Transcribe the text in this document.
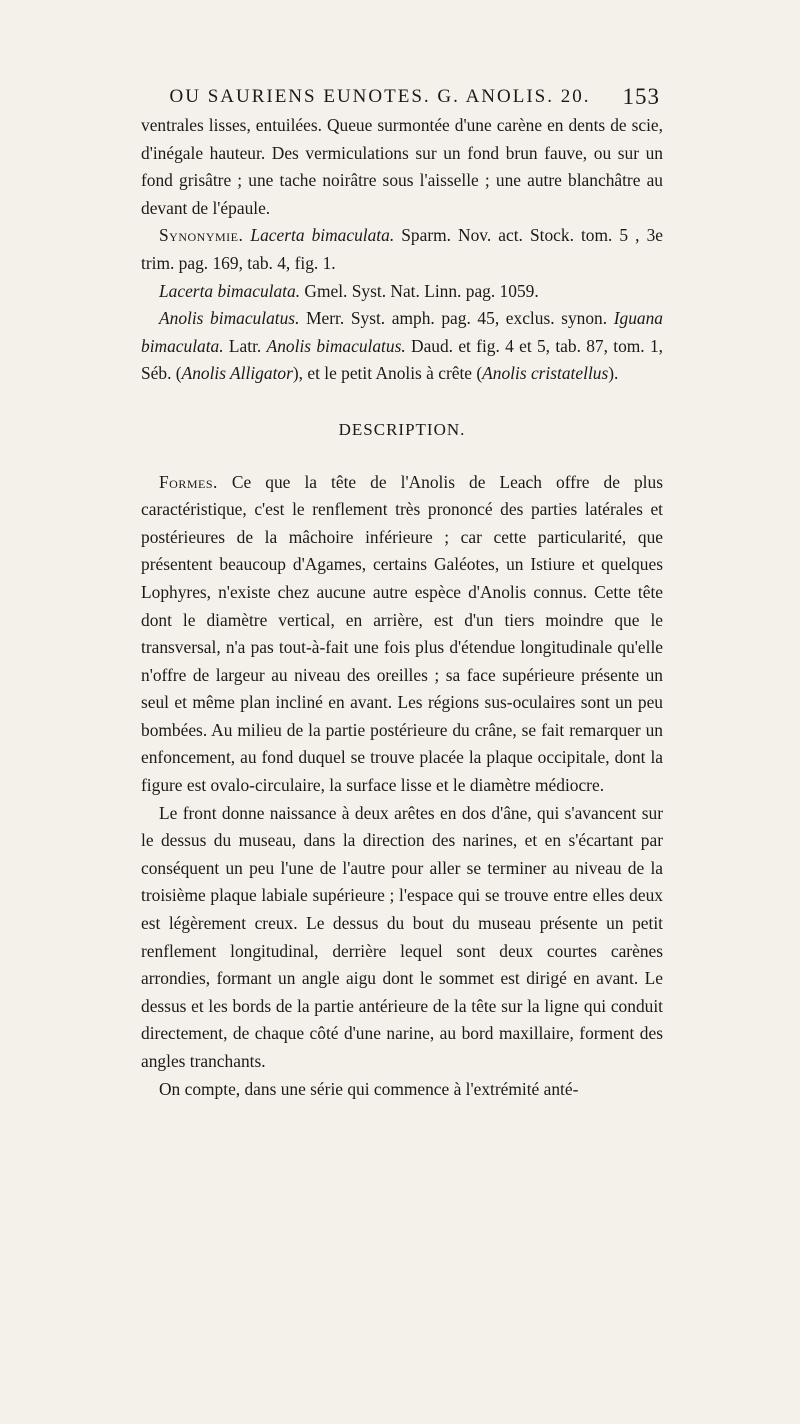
OU SAURIENS EUNOTES. G. ANOLIS. 20.	153

ventrales lisses, entuilées. Queue surmontée d'une carène en dents de scie, d'inégale hauteur. Des vermiculations sur un fond brun fauve, ou sur un fond grisâtre ; une tache noirâtre sous l'aisselle ; une autre blanchâtre au devant de l'épaule.

Synonymie. Lacerta bimaculata. Sparm. Nov. act. Stock. tom. 5 , 3e trim. pag. 169, tab. 4, fig. 1.

Lacerta bimaculata. Gmel. Syst. Nat. Linn. pag. 1059.

Anolis bimaculatus. Merr. Syst. amph. pag. 45, exclus. synon. Iguana bimaculata. Latr. Anolis bimaculatus. Daud. et fig. 4 et 5, tab. 87, tom. 1, Séb. (Anolis Alligator), et le petit Anolis à crête (Anolis cristatellus).

DESCRIPTION.

Formes. Ce que la tête de l'Anolis de Leach offre de plus caractéristique, c'est le renflement très prononcé des parties latérales et postérieures de la mâchoire inférieure ; car cette particularité, que présentent beaucoup d'Agames, certains Galéotes, un Istiure et quelques Lophyres, n'existe chez aucune autre espèce d'Anolis connus. Cette tête dont le diamètre vertical, en arrière, est d'un tiers moindre que le transversal, n'a pas tout-à-fait une fois plus d'étendue longitudinale qu'elle n'offre de largeur au niveau des oreilles ; sa face supérieure présente un seul et même plan incliné en avant. Les régions sus-oculaires sont un peu bombées. Au milieu de la partie postérieure du crâne, se fait remarquer un enfoncement, au fond duquel se trouve placée la plaque occipitale, dont la figure est ovalo-circulaire, la surface lisse et le diamètre médiocre.

Le front donne naissance à deux arêtes en dos d'âne, qui s'avancent sur le dessus du museau, dans la direction des narines, et en s'écartant par conséquent un peu l'une de l'autre pour aller se terminer au niveau de la troisième plaque labiale supérieure ; l'espace qui se trouve entre elles deux est légèrement creux. Le dessus du bout du museau présente un petit renflement longitudinal, derrière lequel sont deux courtes carènes arrondies, formant un angle aigu dont le sommet est dirigé en avant. Le dessus et les bords de la partie antérieure de la tête sur la ligne qui conduit directement, de chaque côté d'une narine, au bord maxillaire, forment des angles tranchants.

On compte, dans une série qui commence à l'extrémité anté-
